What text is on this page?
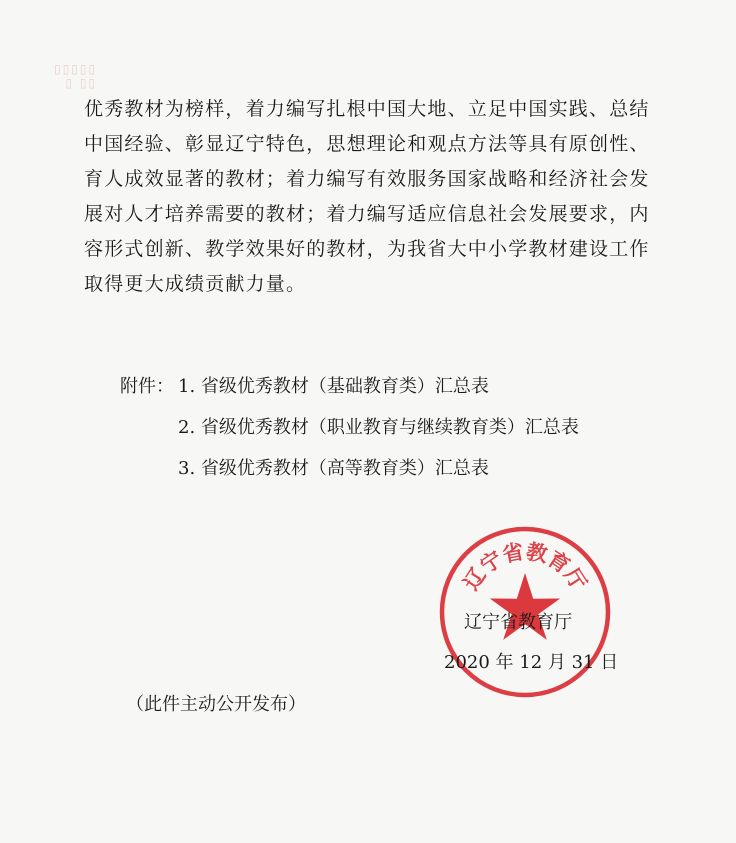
▯▯▯▯▯
▯▯ ▯
优秀教材为榜样，着力编写扎根中国大地、立足中国实践、总结
中国经验、彰显辽宁特色，思想理论和观点方法等具有原创性、
育人成效显著的教材；着力编写有效服务国家战略和经济社会发
展对人才培养需要的教材；着力编写适应信息社会发展要求，内
容形式创新、教学效果好的教材，为我省大中小学教材建设工作
取得更大成绩贡献力量。
附件： 1. 省级优秀教材（基础教育类）汇总表
2. 省级优秀教材（职业教育与继续教育类）汇总表
3. 省级优秀教材（高等教育类）汇总表
辽宁省教育厅
辽宁省教育厅
2020 年 12 月 31 日
（此件主动公开发布）
